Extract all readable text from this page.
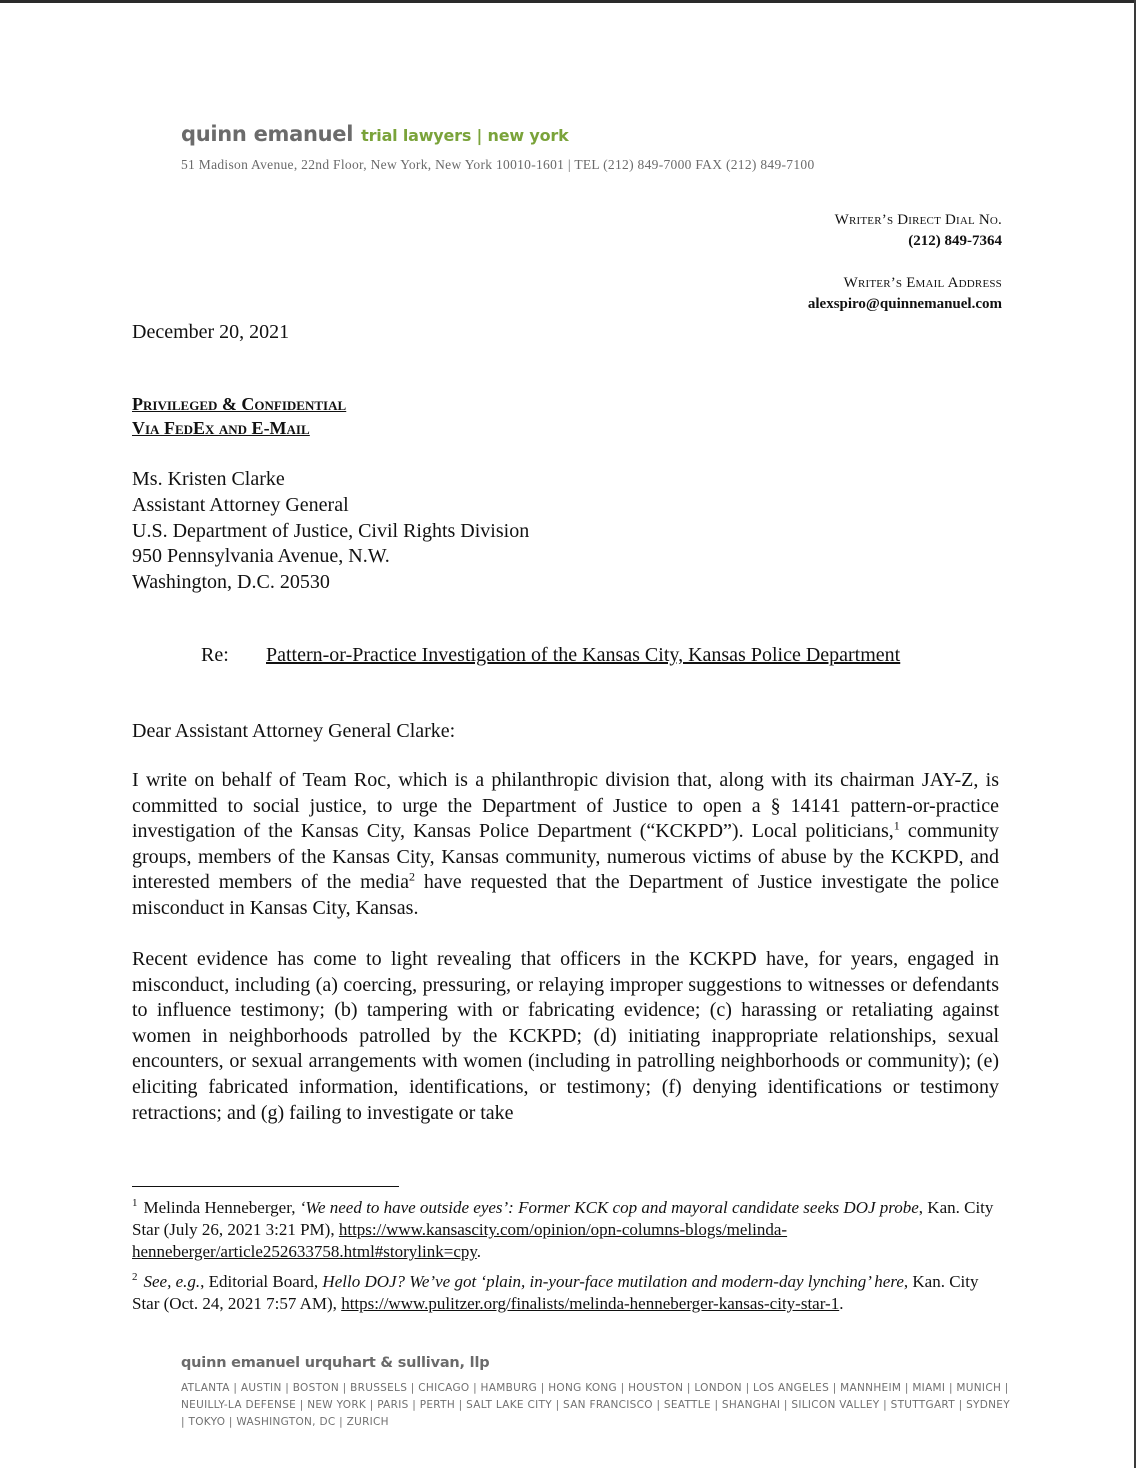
quinn emanuel trial lawyers | new york
51 Madison Avenue, 22nd Floor, New York, New York 10010-1601 | TEL (212) 849-7000 FAX (212) 849-7100
Writer’s Direct Dial No.
(212) 849-7364
Writer’s Email Address
alexspiro@quinnemanuel.com
December 20, 2021
Privileged & Confidential
Via FedEx and E-Mail
Ms. Kristen Clarke
Assistant Attorney General
U.S. Department of Justice, Civil Rights Division
950 Pennsylvania Avenue, N.W.
Washington, D.C. 20530
Re: Pattern-or-Practice Investigation of the Kansas City, Kansas Police Department
Dear Assistant Attorney General Clarke:
I write on behalf of Team Roc, which is a philanthropic division that, along with its chairman JAY-Z, is committed to social justice, to urge the Department of Justice to open a § 14141 pattern-or-practice investigation of the Kansas City, Kansas Police Department (“KCKPD”). Local politicians,$^1$ community groups, members of the Kansas City, Kansas community, numerous victims of abuse by the KCKPD, and interested members of the media$^2$ have requested that the Department of Justice investigate the police misconduct in Kansas City, Kansas.
Recent evidence has come to light revealing that officers in the KCKPD have, for years, engaged in misconduct, including (a) coercing, pressuring, or relaying improper suggestions to witnesses or defendants to influence testimony; (b) tampering with or fabricating evidence; (c) harassing or retaliating against women in neighborhoods patrolled by the KCKPD; (d) initiating inappropriate relationships, sexual encounters, or sexual arrangements with women (including in patrolling neighborhoods or community); (e) eliciting fabricated information, identifications, or testimony; (f) denying identifications or testimony retractions; and (g) failing to investigate or take
$^1$ Melinda Henneberger, ‘We need to have outside eyes’: Former KCK cop and mayoral candidate seeks DOJ probe, Kan. City Star (July 26, 2021 3:21 PM), https://www.kansascity.com/opinion/opn-columns-blogs/melinda-henneberger/article252633758.html#storylink=cpy.
$^2$ See, e.g., Editorial Board, Hello DOJ? We’ve got ‘plain, in-your-face mutilation and modern-day lynching’ here, Kan. City Star (Oct. 24, 2021 7:57 AM), https://www.pulitzer.org/finalists/melinda-henneberger-kansas-city-star-1.
quinn emanuel urquhart & sullivan, llp
ATLANTA | AUSTIN | BOSTON | BRUSSELS | CHICAGO | HAMBURG | HONG KONG | HOUSTON | LONDON | LOS ANGELES | MANNHEIM | MIAMI | MUNICH | NEUILLY-LA DEFENSE | NEW YORK | PARIS | PERTH | SALT LAKE CITY | SAN FRANCISCO | SEATTLE | SHANGHAI | SILICON VALLEY | STUTTGART | SYDNEY | TOKYO | WASHINGTON, DC | ZURICH
